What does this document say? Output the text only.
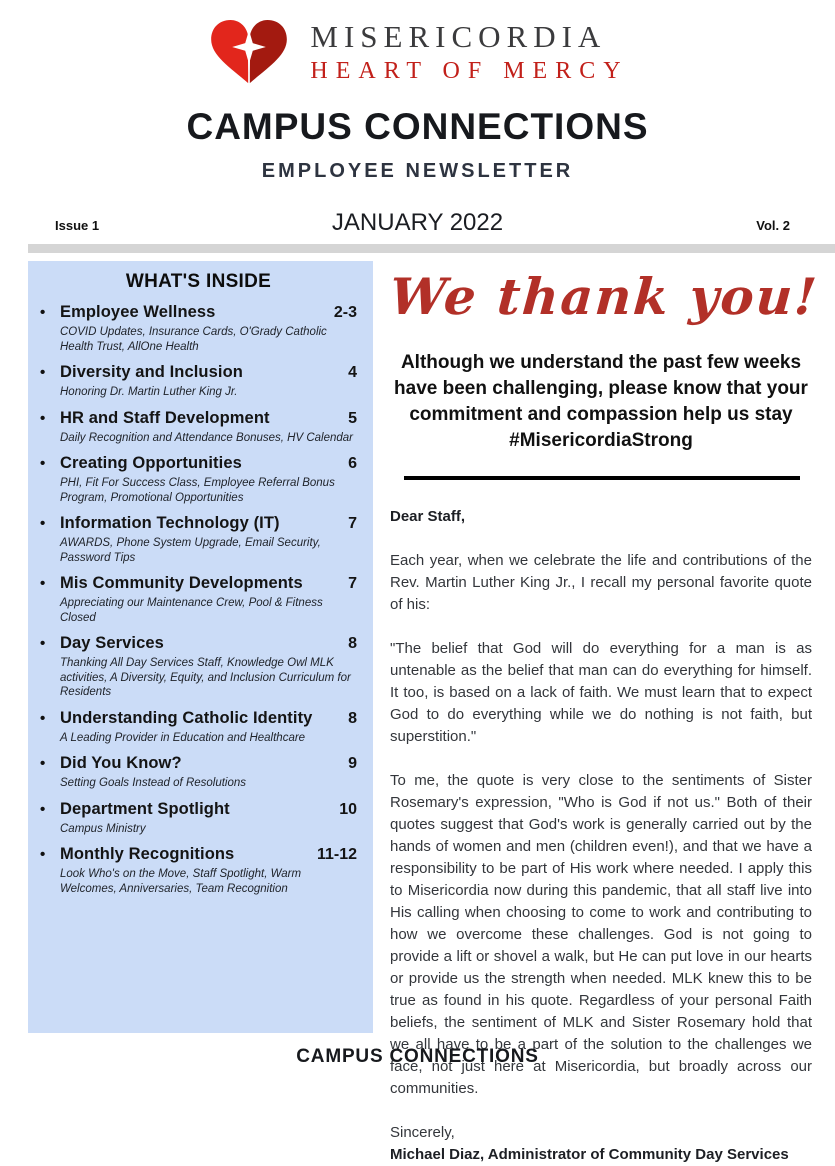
MISERICORDIA
HEART OF MERCY
CAMPUS CONNECTIONS
EMPLOYEE NEWSLETTER
Issue 1	JANUARY 2022	Vol. 2
WHAT'S INSIDE
• Employee Wellness	2-3
COVID Updates, Insurance Cards, O'Grady Catholic Health Trust, AllOne Health
• Diversity and Inclusion	4
Honoring Dr. Martin Luther King Jr.
• HR and Staff Development	5
Daily Recognition and Attendance Bonuses, HV Calendar
• Creating Opportunities	6
PHI, Fit For Success Class, Employee Referral Bonus Program, Promotional Opportunities
• Information Technology (IT)	7
AWARDS, Phone System Upgrade, Email Security, Password Tips
• Mis Community Developments	7
Appreciating our Maintenance Crew, Pool & Fitness Closed
• Day Services	8
Thanking All Day Services Staff, Knowledge Owl MLK activities, A Diversity, Equity, and Inclusion Curriculum for Residents
• Understanding Catholic Identity	8
A Leading Provider in Education and Healthcare
• Did You Know?	9
Setting Goals Instead of Resolutions
• Department Spotlight	10
Campus Ministry
• Monthly Recognitions	11-12
Look Who's on the Move, Staff Spotlight, Warm Welcomes, Anniversaries, Team Recognition
We thank you!
Although we understand the past few weeks have been challenging, please know that your commitment and compassion help us stay #MisericordiaStrong
Dear Staff,

Each year, when we celebrate the life and contributions of the Rev. Martin Luther King Jr., I recall my personal favorite quote of his:

"The belief that God will do everything for a man is as untenable as the belief that man can do everything for himself. It too, is based on a lack of faith. We must learn that to expect God to do everything while we do nothing is not faith, but superstition."

To me, the quote is very close to the sentiments of Sister Rosemary's expression, "Who is God if not us." Both of their quotes suggest that God's work is generally carried out by the hands of women and men (children even!), and that we have a responsibility to be part of His work where needed. I apply this to Misericordia now during this pandemic, that all staff live into His calling when choosing to come to work and contributing to how we overcome these challenges. God is not going to provide a lift or shovel a walk, but He can put love in our hearts or provide us the strength when needed. MLK knew this to be true as found in his quote. Regardless of your personal Faith beliefs, the sentiment of MLK and Sister Rosemary hold that we all have to be a part of the solution to the challenges we face, not just here at Misericordia, but broadly across our communities.

Sincerely,
Michael Diaz, Administrator of Community Day Services
CAMPUS CONNECTIONS
